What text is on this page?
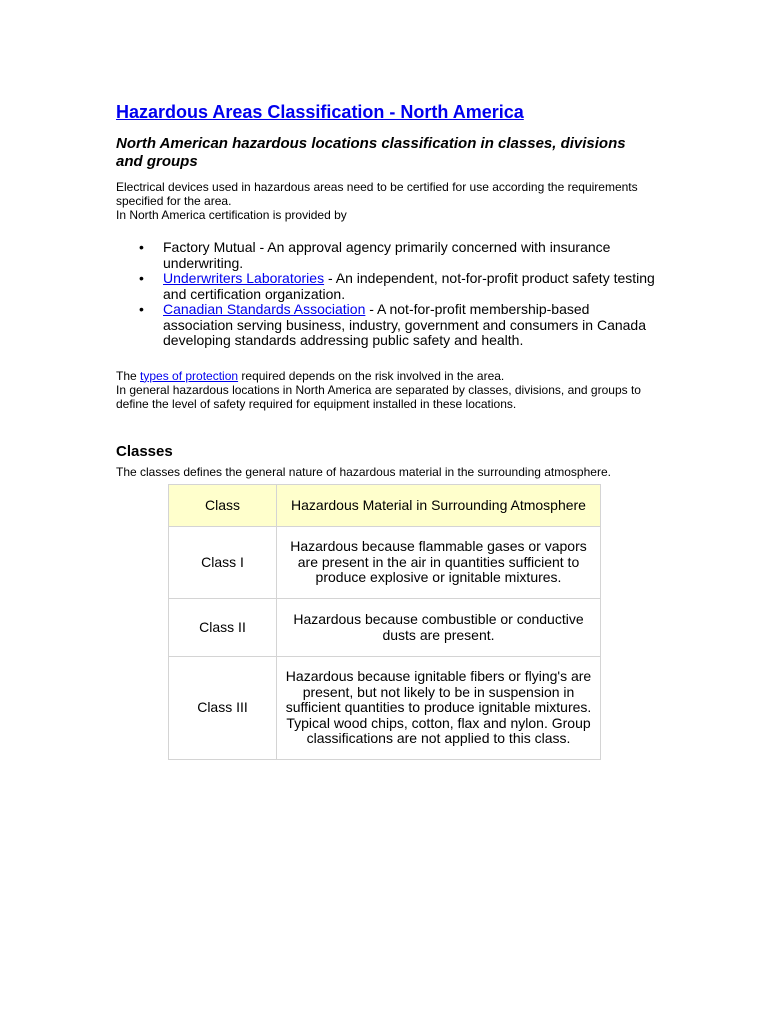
Hazardous Areas Classification - North America
North American hazardous locations classification in classes, divisions and groups

Electrical devices used in hazardous areas need to be certified for use according the requirements specified for the area.
In North America certification is provided by

• Factory Mutual - An approval agency primarily concerned with insurance underwriting.
• Underwriters Laboratories - An independent, not-for-profit product safety testing and certification organization.
• Canadian Standards Association - A not-for-profit membership-based association serving business, industry, government and consumers in Canada developing standards addressing public safety and health.

The types of protection required depends on the risk involved in the area.
In general hazardous locations in North America are separated by classes, divisions, and groups to define the level of safety required for equipment installed in these locations.

Classes

The classes defines the general nature of hazardous material in the surrounding atmosphere.

Class	Hazardous Material in Surrounding Atmosphere
Class I	Hazardous because flammable gases or vapors are present in the air in quantities sufficient to produce explosive or ignitable mixtures.
Class II	Hazardous because combustible or conductive dusts are present.
Class III	Hazardous because ignitable fibers or flying's are present, but not likely to be in suspension in sufficient quantities to produce ignitable mixtures. Typical wood chips, cotton, flax and nylon. Group classifications are not applied to this class.
